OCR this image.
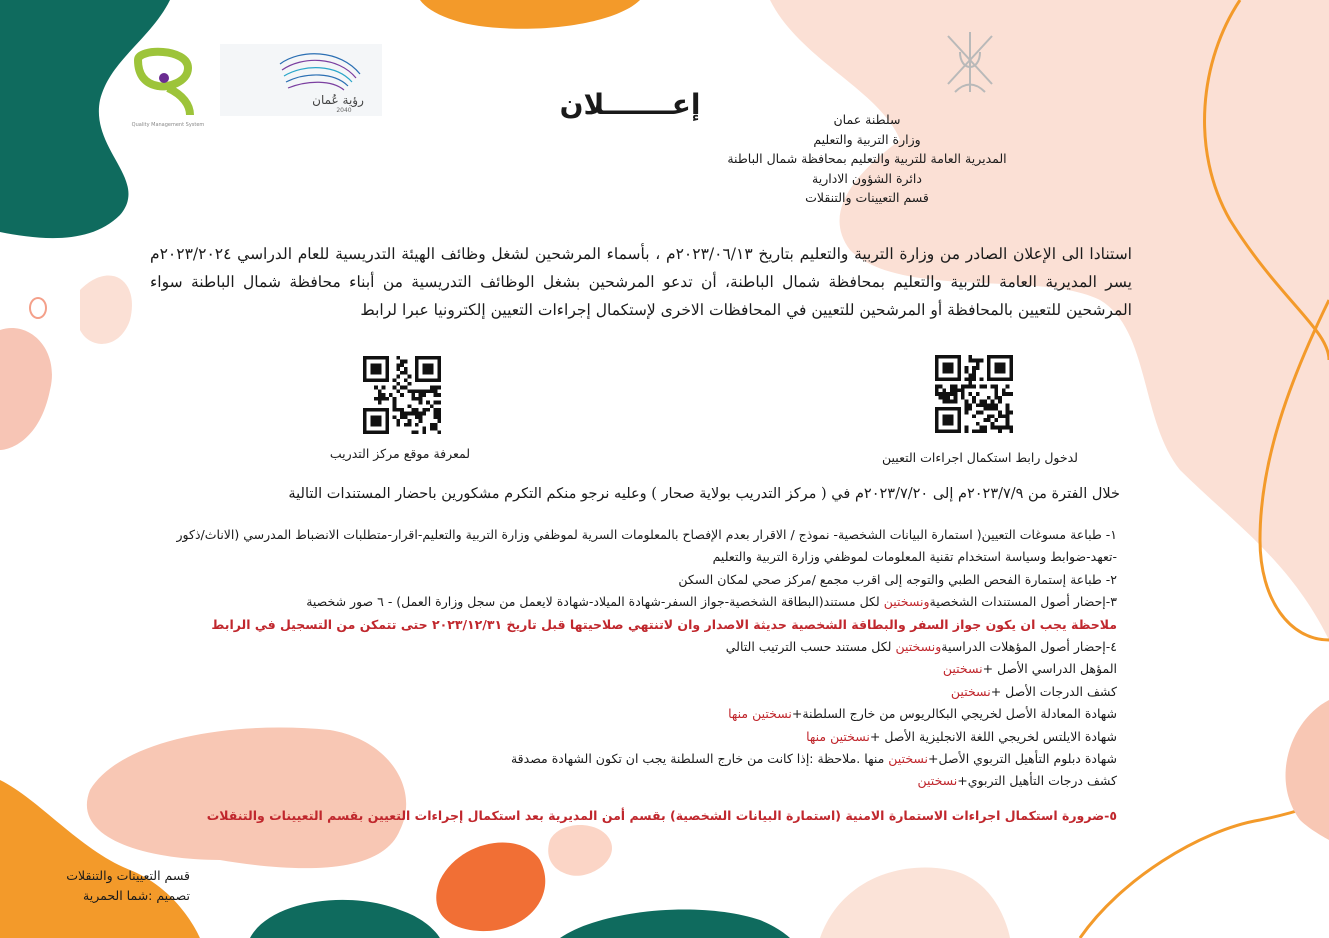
Quality Management System
رؤية عُمان
2040	إعـــــــلان	سلطنة عمان
وزارة التربية والتعليم
المديرية العامة للتربية والتعليم بمحافظة شمال الباطنة
دائرة الشؤون الادارية
قسم التعيينات والتنقلات
استنادا الى الإعلان الصادر من وزارة التربية والتعليم بتاريخ ٢٠٢٣/٠٦/١٣م ، بأسماء المرشحين لشغل وظائف الهيئة التدريسية للعام الدراسي ٢٠٢٣/٢٠٢٤م يسر المديرية العامة للتربية والتعليم بمحافظة شمال الباطنة، أن تدعو المرشحين بشغل الوظائف التدريسية من أبناء محافظة شمال الباطنة سواء المرشحين للتعيين بالمحافظة أو المرشحين للتعيين في المحافظات الاخرى لإستكمال إجراءات التعيين إلكترونيا عبرا لرابط
لمعرفة موقع مركز التدريب	لدخول رابط استكمال اجراءات التعيين
خلال الفترة من ٢٠٢٣/٧/٩م إلى ٢٠٢٣/٧/٢٠م في ( مركز التدريب بولاية صحار ) وعليه نرجو منكم التكرم مشكورين باحضار المستندات التالية
١- طباعة مسوغات التعيين( استمارة البيانات الشخصية- نموذج / الاقرار بعدم الإفصاح بالمعلومات السرية لموظفي وزارة التربية والتعليم-اقرار-متطلبات الانضباط المدرسي (الاناث/ذكور
-تعهد-ضوابط وسياسة استخدام تقنية المعلومات لموظفي وزارة التربية والتعليم
٢- طباعة إستمارة الفحص الطبي والتوجه إلى اقرب مجمع /مركز صحي لمكان السكن
٣-إحضار أصول المستندات الشخصيةونسختين لكل مستند(البطاقة الشخصية-جواز السفر-شهادة الميلاد-شهادة لايعمل من سجل وزارة العمل) - ٦ صور شخصية
ملاحظة يجب ان يكون جواز السفر والبطاقة الشخصية حديثة الاصدار وان لاتنتهي صلاحيتها قبل تاريخ ٢٠٢٣/١٢/٣١ حتى تتمكن من التسجيل في الرابط
٤-إحضار أصول المؤهلات الدراسيةونسختين لكل مستند حسب الترتيب التالي
المؤهل الدراسي الأصل +نسختين
كشف الدرجات الأصل +نسختين
شهادة المعادلة الأصل لخريجي البكالريوس من خارج السلطنة+نسختين منها
شهادة الايلتس لخريجي اللغة الانجليزية الأصل +نسختين منها
شهادة دبلوم التأهيل التربوي الأصل+نسختين منها .ملاحظة :إذا كانت من خارج السلطنة يجب ان تكون الشهادة مصدقة
كشف درجات التأهيل التربوي+نسختين
٥-ضرورة استكمال اجراءات الاستمارة الامنية (استمارة البيانات الشخصية) بقسم أمن المديرية بعد استكمال إجراءات التعيين بقسم التعيينات والتنقلات
قسم التعيينات والتنقلات
تصميم :شما الحمرية
